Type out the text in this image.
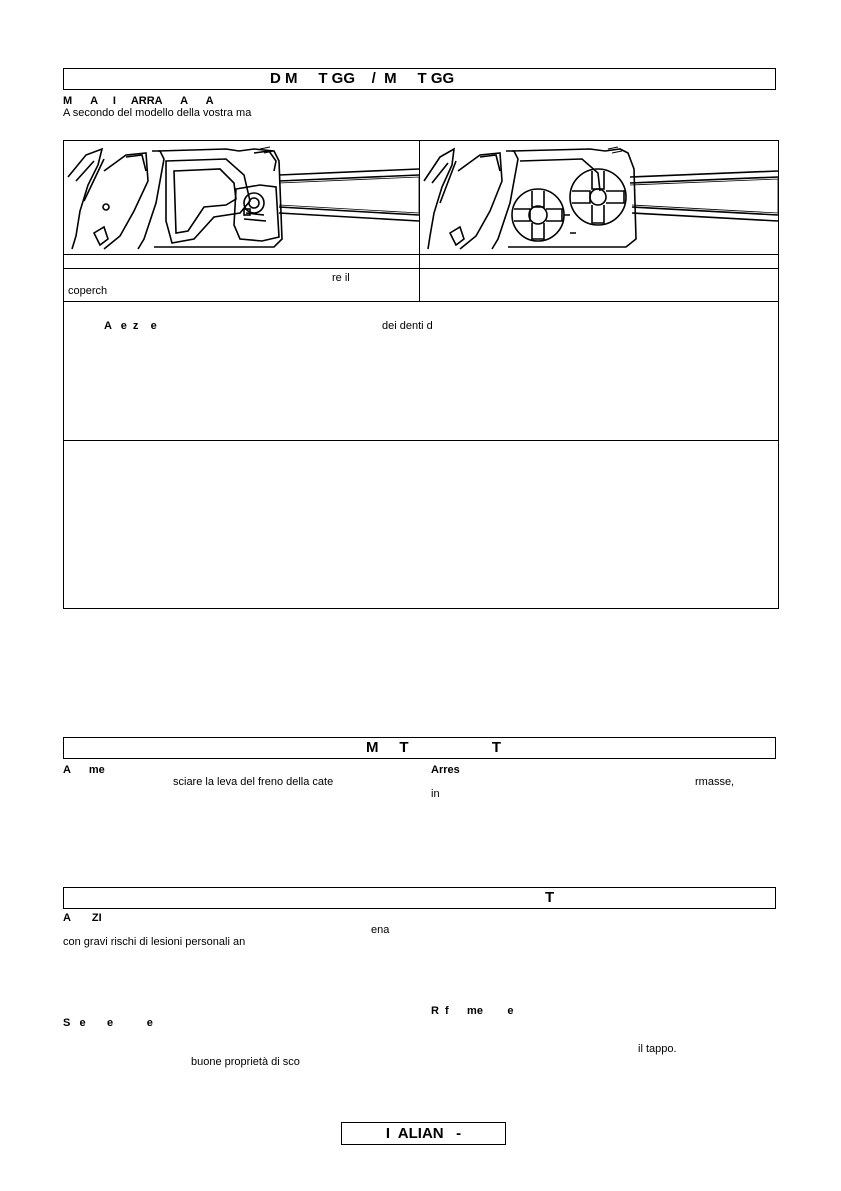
D M     T GG    /  M     T GG
M      A     I     ARRA      A      A
A secondo del modello della vostra ma
re il
coperch
A   e  z    e	dei denti d
M     T                    T
A      me
sciare la leva del freno della cate
Arres
rmasse,
in
T
A       ZI
ena
con gravi rischi di lesioni personali an
R  f      me        e
S   e       e           e
il tappo.
buone proprietà di sco
I  ALIAN   -
